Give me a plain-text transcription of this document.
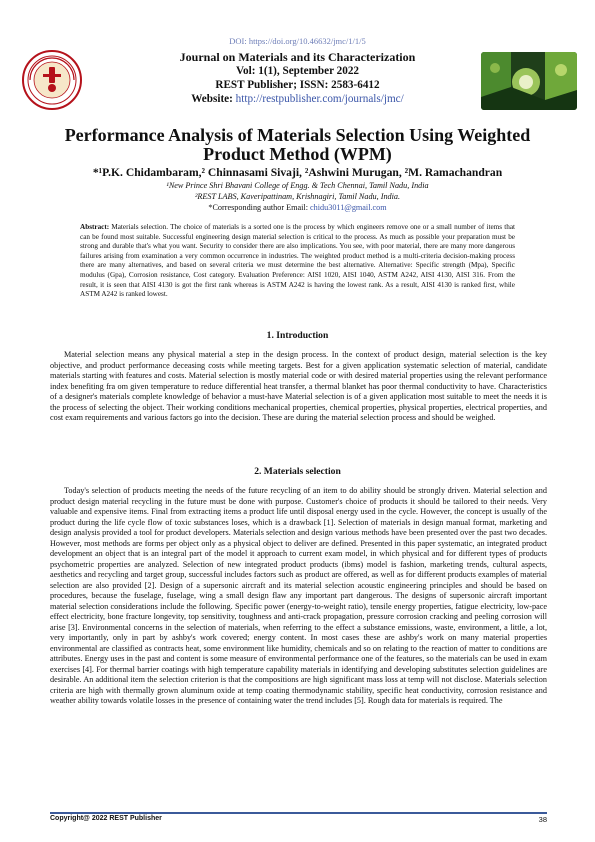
DOI: https://doi.org/10.46632/jmc/1/1/5
Journal on Materials and its Characterization
Vol: 1(1), September 2022
REST Publisher; ISSN: 2583-6412
Website: http://restpublisher.com/journals/jmc/
Performance Analysis of Materials Selection Using Weighted Product Method (WPM)
*¹P.K. Chidambaram,² Chinnasami Sivaji, ²Ashwini Murugan, ²M. Ramachandran
¹New Prince Shri Bhavani College of Engg. & Tech Chennai, Tamil Nadu, India
²REST LABS, Kaveripattinam, Krishnagiri, Tamil Nadu, India.
*Corresponding author Email: chidu3011@gmail.com
Abstract: Materials selection. The choice of materials is a sorted one is the process by which engineers remove one or a small number of items that can be found most suitable. Successful engineering design material selection is critical to the process. As much as possible your preparation must be strong and durable that's what you want. Security to consider there are also implications. You see, with poor material, there are many more dangerous failures arising from examination a very common occurrence in industries. The weighted product method is a multi-criteria decision-making process there are many alternatives, and based on several criteria we must determine the best alternative. Alternative: Specific strength (Mpa), Specific modulus (Gpa), Corrosion resistance, Cost category. Evaluation Preference: AISI 1020, AISI 1040, ASTM A242, AISI 4130, AISI 316. From the result, it is seen that AISI 4130 is got the first rank whereas is ASTM A242 is having the lowest rank. As a result, AISI 4130 is ranked first, while ASTM A242 is ranked lowest.
1. Introduction
Material selection means any physical material a step in the design process. In the context of product design, material selection is the key objective, and product performance deceasing costs while meeting targets. Best for a given application systematic selection of material, candidate materials starting with features and costs. Material selection is mostly material code or with desired material properties using the relevant performance index benefiting fra om given temperature to reduce differential heat transfer, a thermal blanket has poor thermal conductivity to have. Characteristics of a designer's materials complete knowledge of behavior a must-have Material selection is of a given application most suitable to meet the needs it is the process of selecting the object. Their working conditions mechanical properties, chemical properties, physical properties, electrical properties, and cost exam requirements and various factors go into the decision. These are during the material selection process and should be weighed.
2. Materials selection
Today's selection of products meeting the needs of the future recycling of an item to do ability should be strongly driven. Material selection and product design material recycling in the future must be done with purpose. Customer's choice of products it should be tailored to their needs. Very valuable and expensive items. Final from extracting items a product life until disposal energy used in the cycle. However, the concept is usually of the product during the life cycle flow of toxic substances loses, which is a drawback [1]. Selection of materials in design manual format, marketing and design analysis provided a tool for product developers. Materials selection and design various methods have been presented over the past two decades. However, most methods are forms per object only as a physical object to deliver are defined. Presented in this paper systematic, an integrated product development an object that is an integral part of the model it approach to current exam model, in which physical and for different types of products psychometric properties are analyzed. Selection of new integrated product products (ibms) model is fashion, marketing trends, cultural aspects, aesthetics and recycling and target group, successful includes factors such as product are offered, as well as for different products examples of material selection are also provided [2]. Design of a supersonic aircraft and its material selection acoustic engineering principles and should be based on procedures, because the fuselage, fuselage, wing a small design flaw any important part dangerous. The designs of supersonic aircraft important material selection considerations include the following. Specific power (energy-to-weight ratio), tensile energy properties, fatigue electricity, low-pace effect electricity, bone fracture longevity, top sensitivity, toughness and anti-crack propagation, pressure corrosion cracking and peeling corrosion will arise [3]. Environmental concerns in the selection of materials, when referring to the effect a substance emissions, waste, environment, a little, a lot, very importantly, only in part by ashby's work covered; energy content. In most cases these are ashby's work on many material properties environmental are classified as contracts heat, some environment like humidity, chemicals and so on relating to the reaction of matter to conditions are attributes. Energy uses in the past and content is some measure of environmental performance one of the features, so the materials can be used in exam exercises [4]. For thermal barrier coatings with high temperature capability materials in identifying and developing substitutes selection guidelines are desirable. An additional item the selection criterion is that the compositions are high significant mass loss at temp will not disclose. Materials selection criteria are high with thermally grown aluminum oxide at temp coating thermodynamic stability, specific heat conductivity, corrosion resistance and weather ability towards volatile losses in the presence of containing water the trend includes [5]. Rough data for materials is required. The
Copyright@ 2022 REST Publisher	38
